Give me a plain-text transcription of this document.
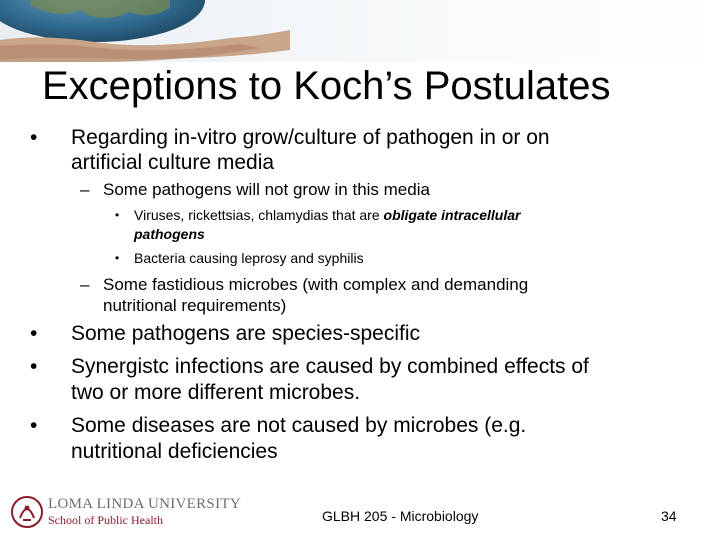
Exceptions to Koch’s Postulates
• Regarding in-vitro grow/culture of pathogen in or on
artificial culture media
– Some pathogens will not grow in this media
• Viruses, rickettsias, chlamydias that are obligate intracellular
pathogens
• Bacteria causing leprosy and syphilis
– Some fastidious microbes (with complex and demanding
nutritional requirements)
• Some pathogens are species-specific
• Synergistc infections are caused by combined effects of
two or more different microbes.
• Some diseases are not caused by microbes (e.g.
nutritional deficiencies
LOMA LINDA UNIVERSITY
School of Public Health	GLBH 205 - Microbiology	34
